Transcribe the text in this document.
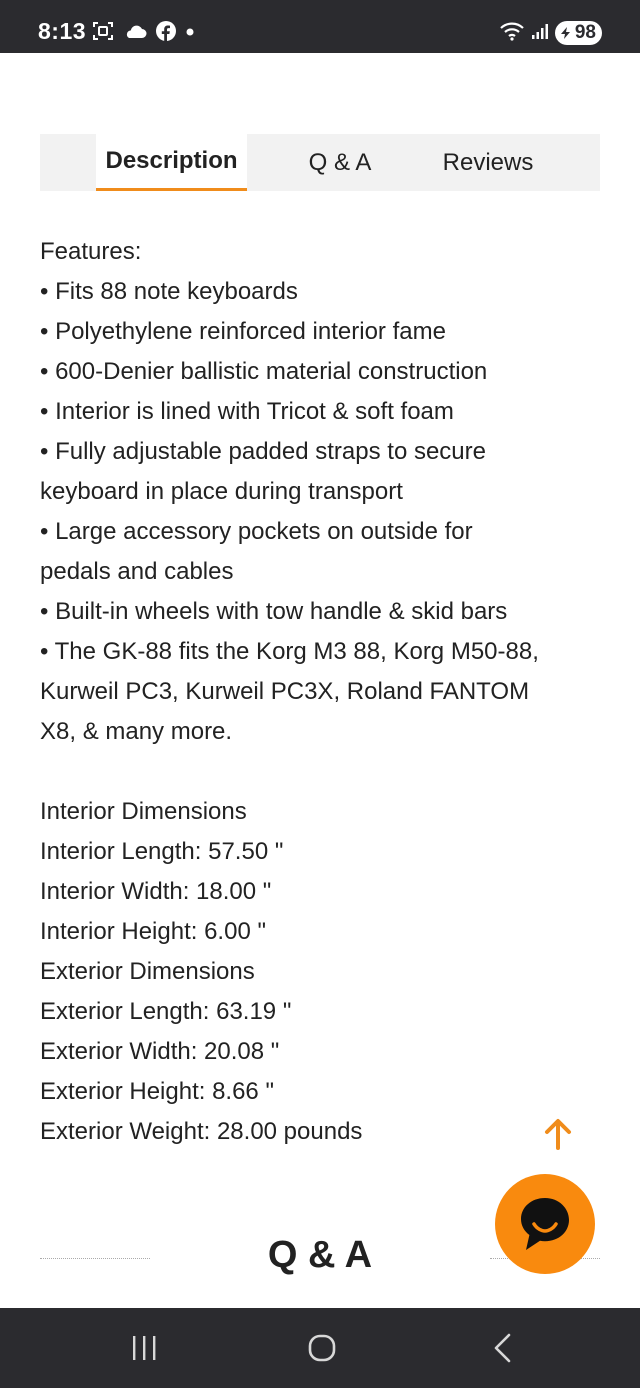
8:13	98
Description	Q & A	Reviews
Features:
• Fits 88 note keyboards
• Polyethylene reinforced interior fame
• 600-Denier ballistic material construction
• Interior is lined with Tricot & soft foam
• Fully adjustable padded straps to secure
keyboard in place during transport
• Large accessory pockets on outside for
pedals and cables
• Built-in wheels with tow handle & skid bars
• The GK-88 fits the Korg M3 88, Korg M50-88,
Kurweil PC3, Kurweil PC3X, Roland FANTOM
X8, & many more.
Interior Dimensions
Interior Length: 57.50 "
Interior Width: 18.00 "
Interior Height: 6.00 "
Exterior Dimensions
Exterior Length: 63.19 "
Exterior Width: 20.08 "
Exterior Height: 8.66 "
Exterior Weight: 28.00 pounds
Q & A
